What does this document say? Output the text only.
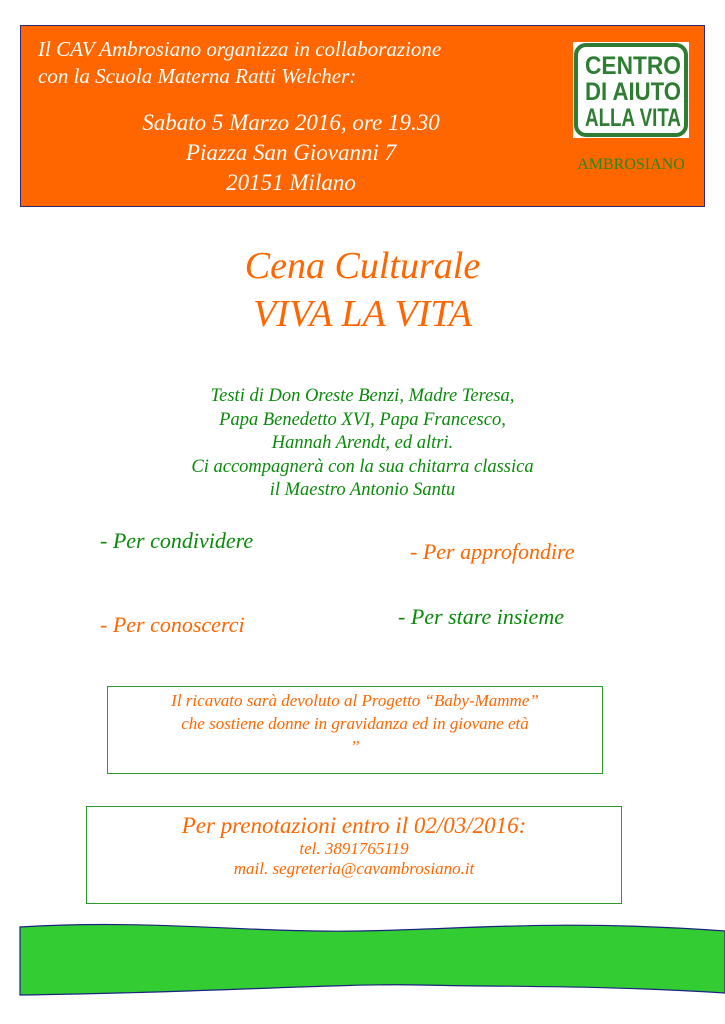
Il CAV Ambrosiano organizza in collaborazione
con la Scuola Materna Ratti Welcher:
Sabato 5 Marzo 2016, ore 19.30
Piazza San Giovanni 7
20151 Milano
CENTRO
DI AIUTO
ALLA VITA
AMBROSIANO
Cena Culturale
VIVA LA VITA
Testi di Don Oreste Benzi, Madre Teresa,
Papa Benedetto XVI, Papa Francesco,
Hannah Arendt, ed altri.
Ci accompagnerà con la sua chitarra classica
il Maestro Antonio Santu
- Per condividere	- Per approfondire
- Per conoscerci	- Per stare insieme
Il ricavato sarà devoluto al Progetto “Baby-Mamme”
che sostiene donne in gravidanza ed in giovane età
”
Per prenotazioni entro il 02/03/2016:
tel. 3891765119
mail. segreteria@cavambrosiano.it
